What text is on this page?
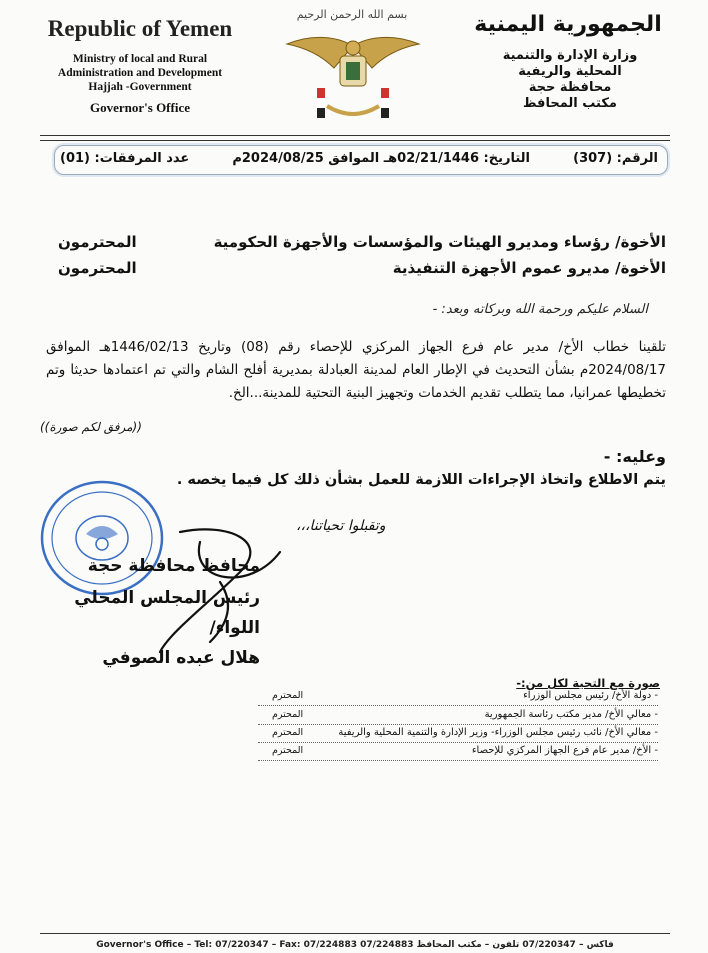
Republic of Yemen
Ministry of local and Rural
Administration and Development
Hajjah -Government
Governor's Office
بسم الله الرحمن الرحيم	الجمهورية اليمنية
وزارة الإدارة والتنمية
المحلية والريفية
محافظة حجة
مكتب المحافظ
الرقم: (307)
التاريخ: 02/21/1446هـ الموافق 2024/08/25م
عدد المرفقات: (01)
الأخوة/ رؤساء ومديرو الهيئات والمؤسسات والأجهزة الحكومية
المحترمون
الأخوة/ مديرو عموم الأجهزة التنفيذية
المحترمون
السلام عليكم ورحمة الله وبركاته وبعد: -
تلقينا خطاب الأخ/ مدير عام فرع الجهاز المركزي للإحصاء رقم (08) وتاريخ 1446/02/13هـ الموافق 2024/08/17م بشأن التحديث في الإطار العام لمدينة العبادلة بمديرية أفلح الشام والتي تم اعتمادها حديثا وتم تخطيطها عمرانيا، مما يتطلب تقديم الخدمات وتجهيز البنية التحتية للمدينة...الخ.
((مرفق لكم صورة))
وعليه: -
يتم الاطلاع واتخاذ الإجراءات اللازمة للعمل بشأن ذلك كل فيما يخصه .
وتقبلوا تحياتنا،،،
محافظ محافظة حجة
رئيس المجلس المحلي
اللواء/
هلال عبده الصوفي
صورة مع التحية لكل من:-
- دولة الأخ/ رئيس مجلس الوزراء
المحترم
- معالي الأخ/ مدير مكتب رئاسة الجمهورية
المحترم
- معالي الأخ/ نائب رئيس مجلس الوزراء- وزير الإدارة والتنمية المحلية والريفية
المحترم
- الأخ/ مدير عام فرع الجهاز المركزي للإحصاء
المحترم
Governor's Office – Tel: 07/220347 – Fax: 07/224883 07/224883 فاكس – 07/220347 تلفون – مكتب المحافظ
